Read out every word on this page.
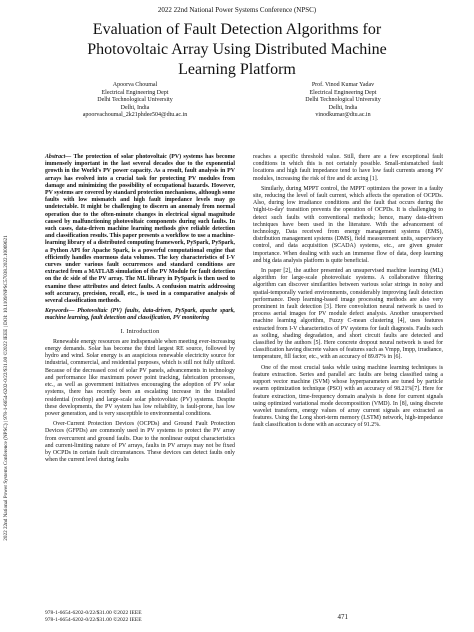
2022 22nd National Power Systems Conference (NPSC)
Evaluation of Fault Detection Algorithms for
Photovoltaic Array Using Distributed Machine
Learning Platform
Apoorva Choumal
Electrical Engineering Dept
Delhi Technological University
Delhi, India
apoorvachoumal_2k21phdee504@dtu.ac.in
Prof. Vinod Kumar Yadav
Electrical Engineering Dept
Delhi Technological University
Delhi, India
vinodkumar@dtu.ac.in
2022 22nd National Power Systems Conference (NPSC) | 978-1-6654-6202-0/22/$31.00 ©2022 IEEE | DOI: 10.1109/NPSC57038.2022.10069621

Abstract— The protection of solar photovoltaic (PV) systems has become immensely important in the last several decades due to the exponential growth in the World's PV power capacity. As a result, fault analysis in PV arrays has evolved into a crucial task for protecting PV modules from damage and minimizing the possibility of occupational hazards. However, PV systems are covered by standard protection mechanisms, although some faults with low mismatch and high fault impedance levels may go undetectable. It might be challenging to discern an anomaly from normal operation due to the often-minute changes in electrical signal magnitude caused by malfunctioning photovoltaic components during such faults. In such cases, data-driven machine learning methods give reliable detection and classification results. This paper presents a workflow to use a machine-learning library of a distributed computing framework, PySpark, PySpark, a Python API for Apache Spark, is a powerful computational engine that efficiently handles enormous data volumes. The key characteristics of I-V curves under various fault occurrences and standard conditions are extracted from a MATLAB simulation of the PV Module for fault detection on the dc side of the PV array. The ML library in PySpark is then used to examine these attributes and detect faults. A confusion matrix addressing soft accuracy, precision, recall, etc., is used in a comparative analysis of several classification methods.

Keywords— Photovoltaic (PV) faults, data-driven, PySpark, apache spark, machine learning, fault detection and classification, PV monitoring

I. Introduction

Renewable energy resources are indispensable when meeting ever-increasing energy demands. Solar has become the third largest RE source, followed by hydro and wind. Solar energy is an auspicious renewable electricity source for industrial, commercial, and residential purposes, which is still not fully utilized. Because of the decreased cost of solar PV panels, advancements in technology and performance like maximum power point tracking, fabrication processes, etc., as well as government initiatives encouraging the adoption of PV solar systems, there has recently been an escalating increase in the installed residential (rooftop) and large-scale solar photovoltaic (PV) systems. Despite these developments, the PV system has low reliability, is fault-prone, has low power generation, and is very susceptible to environmental conditions.

Over-Current Protection Devices (OCPDs) and Ground Fault Protection Devices (GFPDs) are commonly used in PV systems to protect the PV array from overcurrent and ground faults. Due to the nonlinear output characteristics and current-limiting nature of PV arrays, faults in PV arrays may not be fixed by OCPDs in certain fault circumstances. These devices can detect faults only when the current level during faults

reaches a specific threshold value. Still, there are a few exceptional fault conditions in which this is not certainly possible. Small-mismatched fault locations and high fault impedance tend to have low fault currents among PV modules, increasing the risk of fire and dc arcing [1].

Similarly, during MPPT control, the MPPT optimizes the power in a faulty site, reducing the level of fault current, which affects the operation of OCPDs. Also, during low irradiance conditions and the fault that occurs during the 'night-to-day' transition prevents the operation of OCPDs. It is challenging to detect such faults with conventional methods; hence, many data-driven techniques have been used in the literature. With the advancement of technology, Data received from energy management systems (EMS), distribution management systems (DMS), field measurement units, supervisory control, and data acquisition (SCADA) systems, etc., are given greater importance. When dealing with such an immense flow of data, deep learning and big data analysis platform is quite beneficial.

In paper [2], the author presented an unsupervised machine learning (ML) algorithm for large-scale photovoltaic systems. A collaborative filtering algorithm can discover similarities between various solar strings in noisy and spatial-temporally varied environments, considerably improving fault detection performance. Deep learning-based image processing methods are also very prominent in fault detection [3]. Here convolution neural network is used to process aerial images for PV module defect analysis. Another unsupervised machine learning algorithm, Fuzzy C-mean clustering [4], uses features extracted from I-V characteristics of PV systems for fault diagnosis. Faults such as soiling, shading degradation, and short circuit faults are detected and classified by the authors [5]. Here concrete dropout neural network is used for classification having discrete values of features such as Vmpp, Impp, irradiance, temperature, fill factor, etc., with an accuracy of 89.87% in [6].

One of the most crucial tasks while using machine learning techniques is feature extraction. Series and parallel arc faults are being classified using a support vector machine (SVM) whose hyperparameters are tuned by particle swarm optimization technique (PSO) with an accuracy of 98.21%[7]. Here for feature extraction, time-frequency domain analysis is done for current signals using optimized variational mode decomposition (VMD). In [8], using discrete wavelet transform, energy values of array current signals are extracted as features. Using the Long short-term memory (LSTM) network, high-impedance fault classification is done with an accuracy of 91.2%.

978-1-6654-6202-0/22/$31.00 ©2022 IEEE
978-1-6654-6202-0/22/$31.00 ©2022 IEEE	471
